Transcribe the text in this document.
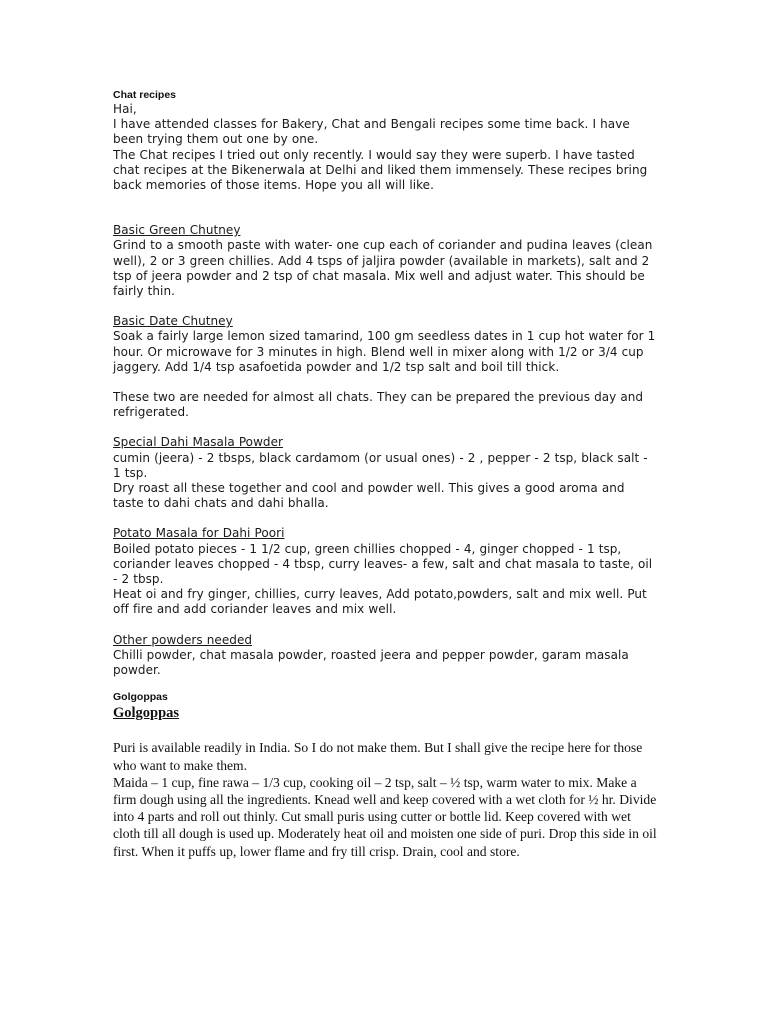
Chat recipes

Hai,

I have attended classes for Bakery, Chat and Bengali recipes some time back. I have been trying them out one by one.

The Chat recipes I tried out only recently. I would say they were superb. I have tasted chat recipes at the Bikenerwala at Delhi and liked them immensely. These recipes bring back memories of those items. Hope you all will like.

Basic Green Chutney

Grind to a smooth paste with water- one cup each of coriander and pudina leaves (clean well), 2 or 3 green chillies. Add 4 tsps of jaljira powder (available in markets), salt and 2 tsp of jeera powder and 2 tsp of chat masala. Mix well and adjust water. This should be fairly thin.

Basic Date Chutney

Soak a fairly large lemon sized tamarind, 100 gm seedless dates in 1 cup hot water for 1 hour. Or microwave for 3 minutes in high. Blend well in mixer along with 1/2 or 3/4 cup jaggery. Add 1/4 tsp asafoetida powder and 1/2 tsp salt and boil till thick.

These two are needed for almost all chats. They can be prepared the previous day and refrigerated.

Special Dahi Masala Powder

cumin (jeera) - 2 tbsps, black cardamom (or usual ones) - 2 , pepper - 2 tsp, black salt - 1 tsp.

Dry roast all these together and cool and powder well. This gives a good aroma and taste to dahi chats and dahi bhalla.

Potato Masala for Dahi Poori

Boiled potato pieces - 1 1/2 cup, green chillies chopped - 4, ginger chopped - 1 tsp, coriander leaves chopped - 4 tbsp, curry leaves- a few, salt and chat masala to taste, oil - 2 tbsp.

Heat oi and fry ginger, chillies, curry leaves, Add potato,powders, salt and mix well. Put off fire and add coriander leaves and mix well.

Other powders needed

Chilli powder, chat masala powder, roasted jeera and pepper powder, garam masala powder.

Golgoppas

Golgoppas

Puri is available readily in India. So I do not make them. But I shall give the recipe here for those who want to make them.

Maida – 1 cup, fine rawa – 1/3 cup, cooking oil – 2 tsp, salt – ½ tsp, warm water to mix. Make a firm dough using all the ingredients. Knead well and keep covered with a wet cloth for ½ hr. Divide into 4 parts and roll out thinly. Cut small puris using cutter or bottle lid. Keep covered with wet cloth till all dough is used up. Moderately heat oil and moisten one side of puri. Drop this side in oil first. When it puffs up, lower flame and fry till crisp. Drain, cool and store.
